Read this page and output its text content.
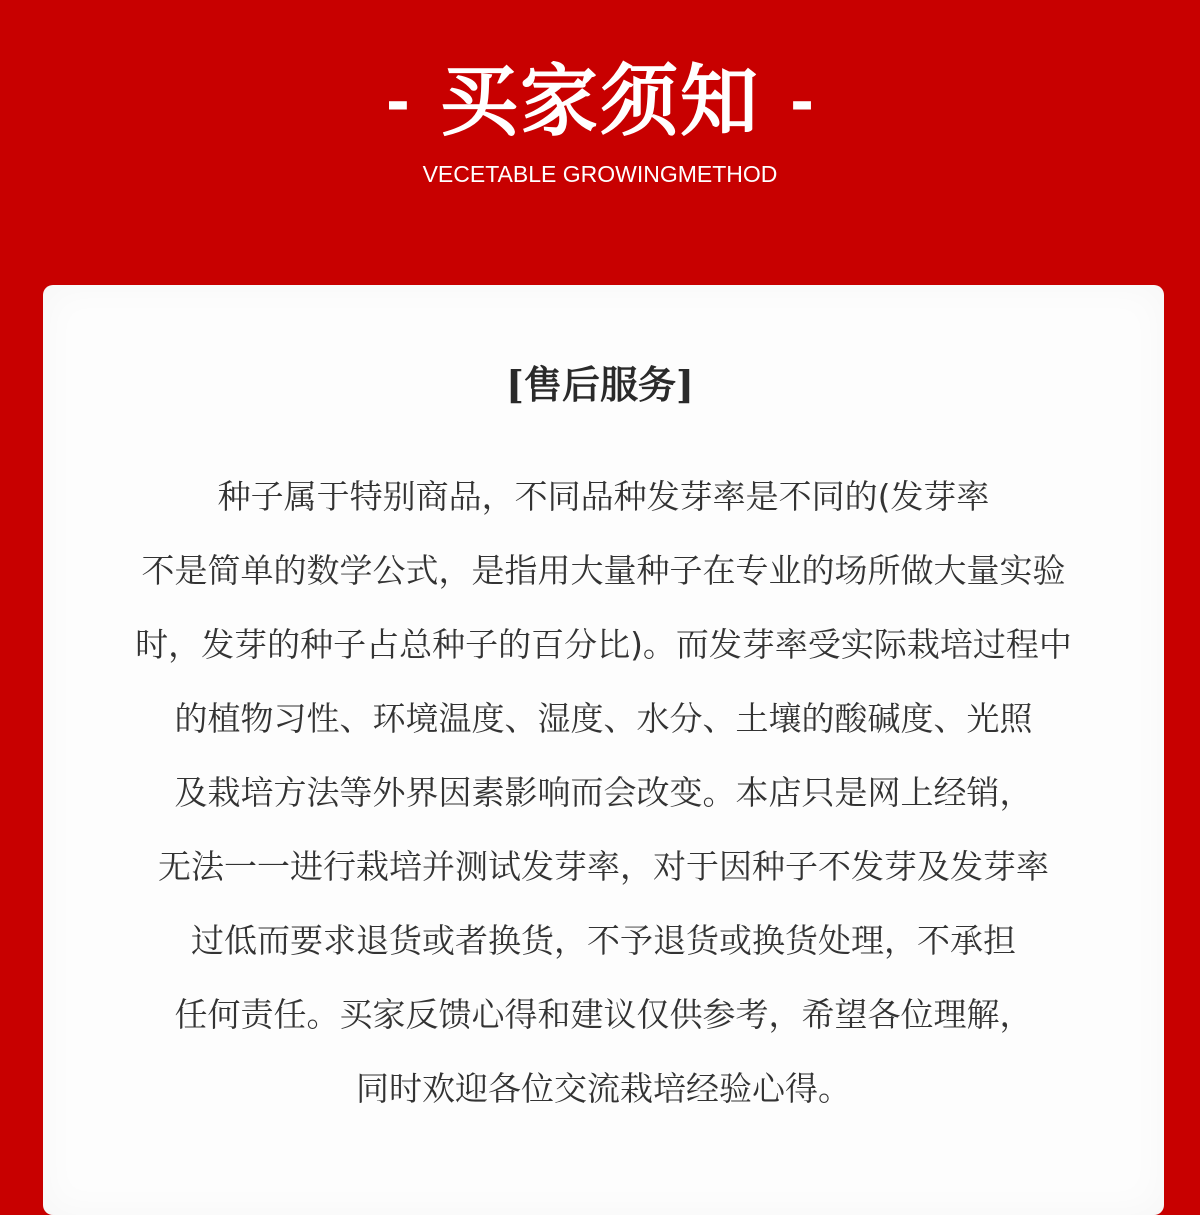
- 买家须知 -
VECETABLE GROWINGMETHOD
[售后服务]
种子属于特别商品，不同品种发芽率是不同的(发芽率
不是简单的数学公式，是指用大量种子在专业的场所做大量实验
时，发芽的种子占总种子的百分比)。而发芽率受实际栽培过程中
的植物习性、环境温度、湿度、水分、土壤的酸碱度、光照
及栽培方法等外界因素影响而会改变。本店只是网上经销，
无法一一进行栽培并测试发芽率，对于因种子不发芽及发芽率
过低而要求退货或者换货，不予退货或换货处理，不承担
任何责任。买家反馈心得和建议仅供参考，希望各位理解，
同时欢迎各位交流栽培经验心得。
